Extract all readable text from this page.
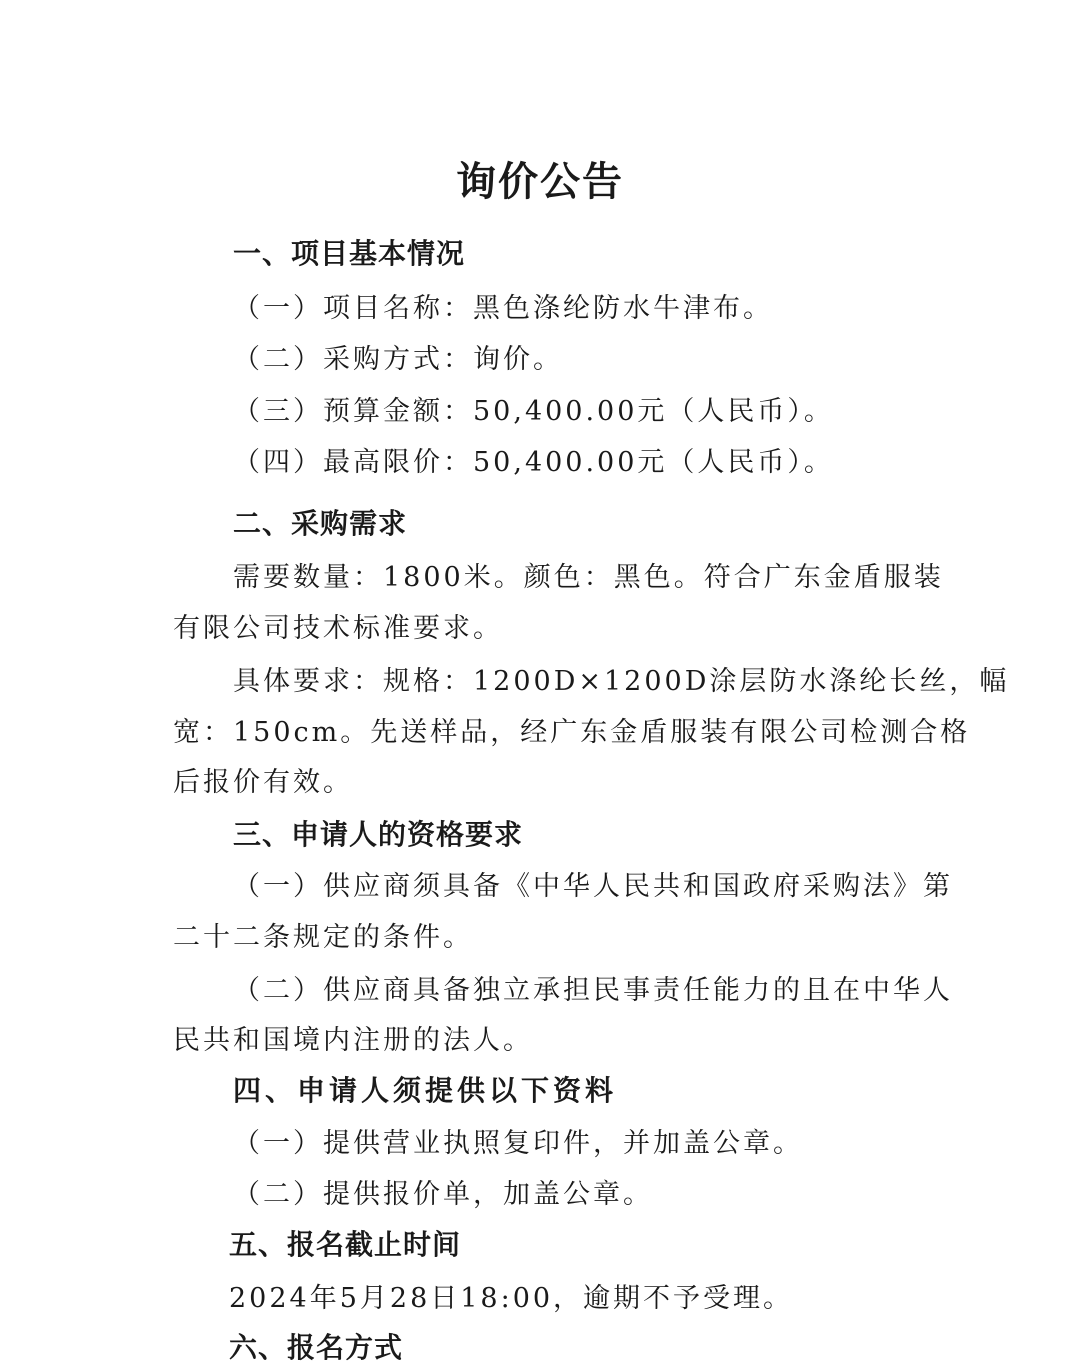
询价公告
一、项目基本情况
（一）项目名称：黑色涤纶防水牛津布。
（二）采购方式：询价。
（三）预算金额：50,400.00元（人民币）。
（四）最高限价：50,400.00元（人民币）。
二、采购需求
需要数量：1800米。颜色：黑色。符合广东金盾服装
有限公司技术标准要求。
具体要求：规格：1200D×1200D涂层防水涤纶长丝，幅
宽：150cm。先送样品，经广东金盾服装有限公司检测合格
后报价有效。
三、申请人的资格要求
（一）供应商须具备《中华人民共和国政府采购法》第
二十二条规定的条件。
（二）供应商具备独立承担民事责任能力的且在中华人
民共和国境内注册的法人。
四、申请人须提供以下资料
（一）提供营业执照复印件，并加盖公章。
（二）提供报价单，加盖公章。
五、报名截止时间
2024年5月28日18:00，逾期不予受理。
六、报名方式
